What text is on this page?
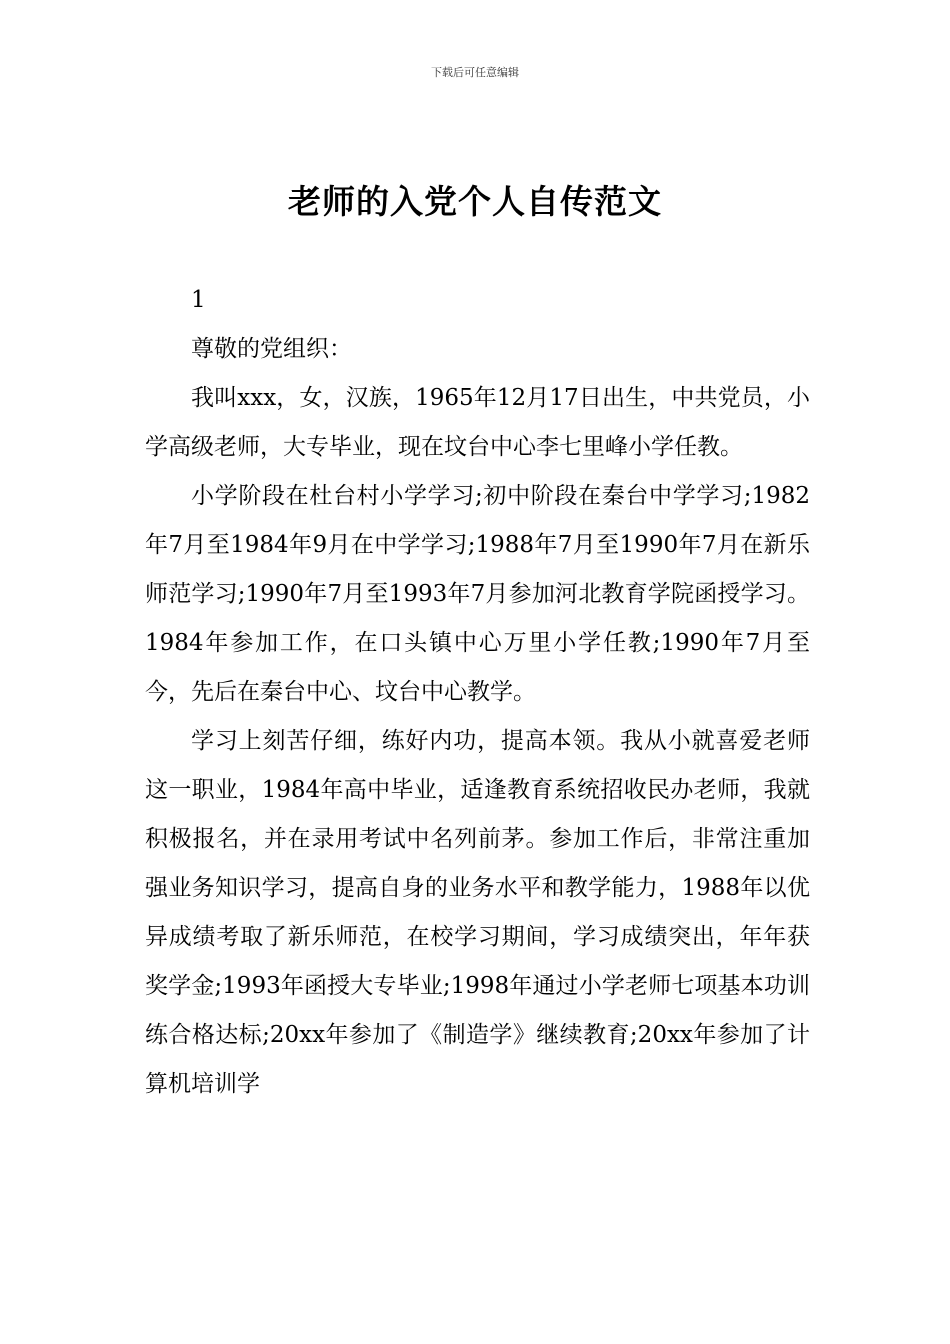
下载后可任意编辑
老师的入党个人自传范文

1

尊敬的党组织：

我叫xxx，女，汉族，1965年12月17日出生，中共党员，小学高级老师，大专毕业，现在坟台中心李七里峰小学任教。

小学阶段在杜台村小学学习;初中阶段在秦台中学学习;1982年7月至1984年9月在中学学习;1988年7月至1990年7月在新乐师范学习;1990年7月至1993年7月参加河北教育学院函授学习。1984年参加工作，在口头镇中心万里小学任教;1990年7月至今，先后在秦台中心、坟台中心教学。

学习上刻苦仔细，练好内功，提高本领。我从小就喜爱老师这一职业，1984年高中毕业，适逢教育系统招收民办老师，我就积极报名，并在录用考试中名列前茅。参加工作后，非常注重加强业务知识学习，提高自身的业务水平和教学能力，1988年以优异成绩考取了新乐师范，在校学习期间，学习成绩突出，年年获奖学金;1993年函授大专毕业;1998年通过小学老师七项基本功训练合格达标;20xx年参加了《制造学》继续教育;20xx年参加了计算机培训学
